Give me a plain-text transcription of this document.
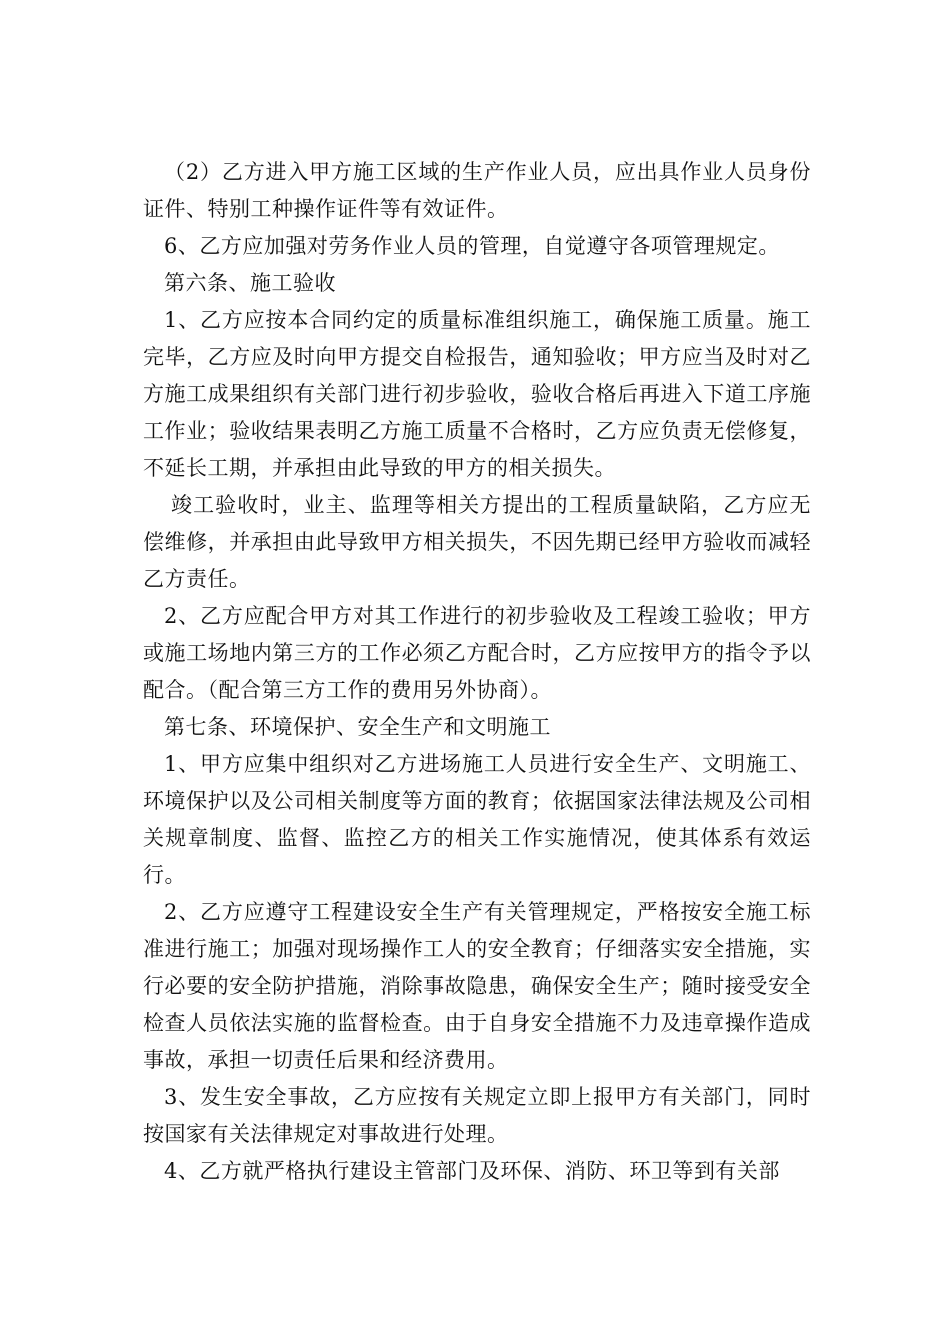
（2）乙方进入甲方施工区域的生产作业人员，应出具作业人员身份证件、特别工种操作证件等有效证件。

6、乙方应加强对劳务作业人员的管理，自觉遵守各项管理规定。

第六条、施工验收

1、乙方应按本合同约定的质量标准组织施工，确保施工质量。施工完毕，乙方应及时向甲方提交自检报告，通知验收；甲方应当及时对乙方施工成果组织有关部门进行初步验收，验收合格后再进入下道工序施工作业；验收结果表明乙方施工质量不合格时，乙方应负责无偿修复，不延长工期，并承担由此导致的甲方的相关损失。

竣工验收时，业主、监理等相关方提出的工程质量缺陷，乙方应无偿维修，并承担由此导致甲方相关损失，不因先期已经甲方验收而减轻乙方责任。

2、乙方应配合甲方对其工作进行的初步验收及工程竣工验收；甲方或施工场地内第三方的工作必须乙方配合时，乙方应按甲方的指令予以配合。（配合第三方工作的费用另外协商）。

第七条、环境保护、安全生产和文明施工

1、甲方应集中组织对乙方进场施工人员进行安全生产、文明施工、环境保护以及公司相关制度等方面的教育；依据国家法律法规及公司相关规章制度、监督、监控乙方的相关工作实施情况，使其体系有效运行。

2、乙方应遵守工程建设安全生产有关管理规定，严格按安全施工标准进行施工；加强对现场操作工人的安全教育；仔细落实安全措施，实行必要的安全防护措施，消除事故隐患，确保安全生产；随时接受安全检查人员依法实施的监督检查。由于自身安全措施不力及违章操作造成事故，承担一切责任后果和经济费用。

3、发生安全事故，乙方应按有关规定立即上报甲方有关部门，同时按国家有关法律规定对事故进行处理。

4、乙方就严格执行建设主管部门及环保、消防、环卫等到有关部
